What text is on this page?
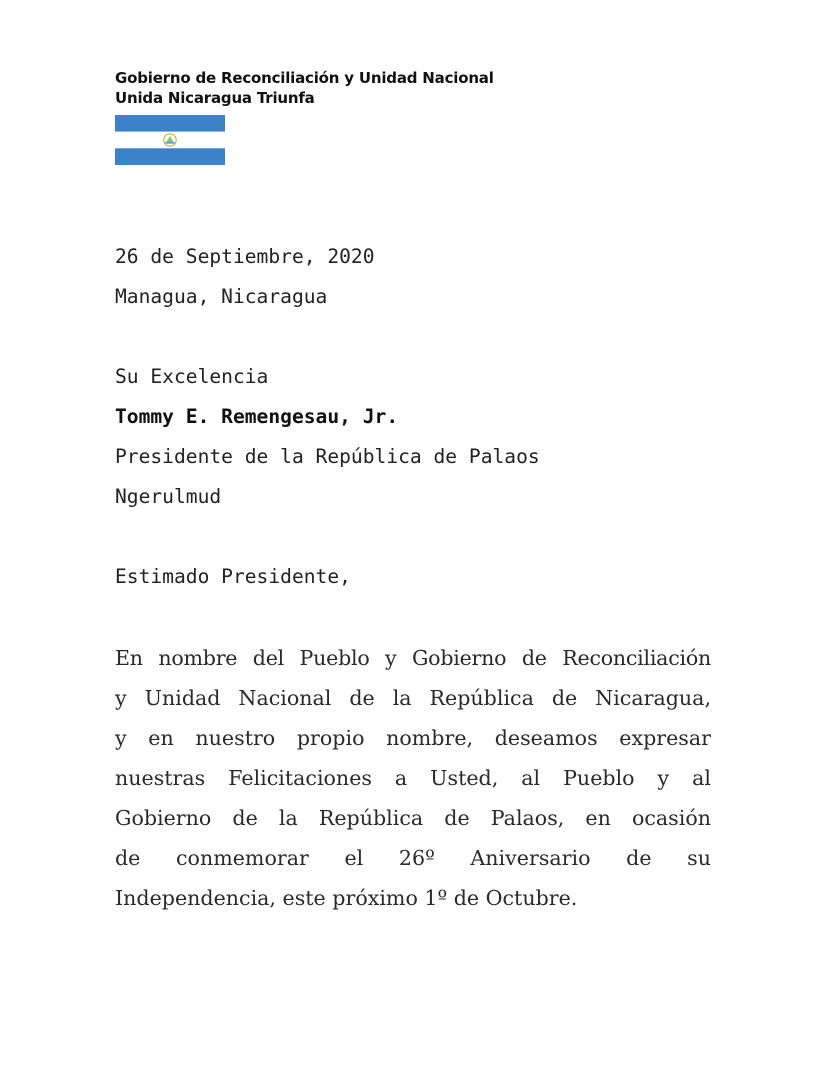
Gobierno de Reconciliación y Unidad Nacional
Unida Nicaragua Triunfa
26 de Septiembre, 2020
Managua, Nicaragua
Su Excelencia
Tommy E. Remengesau, Jr.
Presidente de la República de Palaos
Ngerulmud
Estimado Presidente,
En nombre del Pueblo y Gobierno de Reconciliación
y Unidad Nacional de la República de Nicaragua,
y en nuestro propio nombre, deseamos expresar
nuestras Felicitaciones a Usted, al Pueblo y al
Gobierno de la República de Palaos, en ocasión
de conmemorar el 26º Aniversario de su
Independencia, este próximo 1º de Octubre.
